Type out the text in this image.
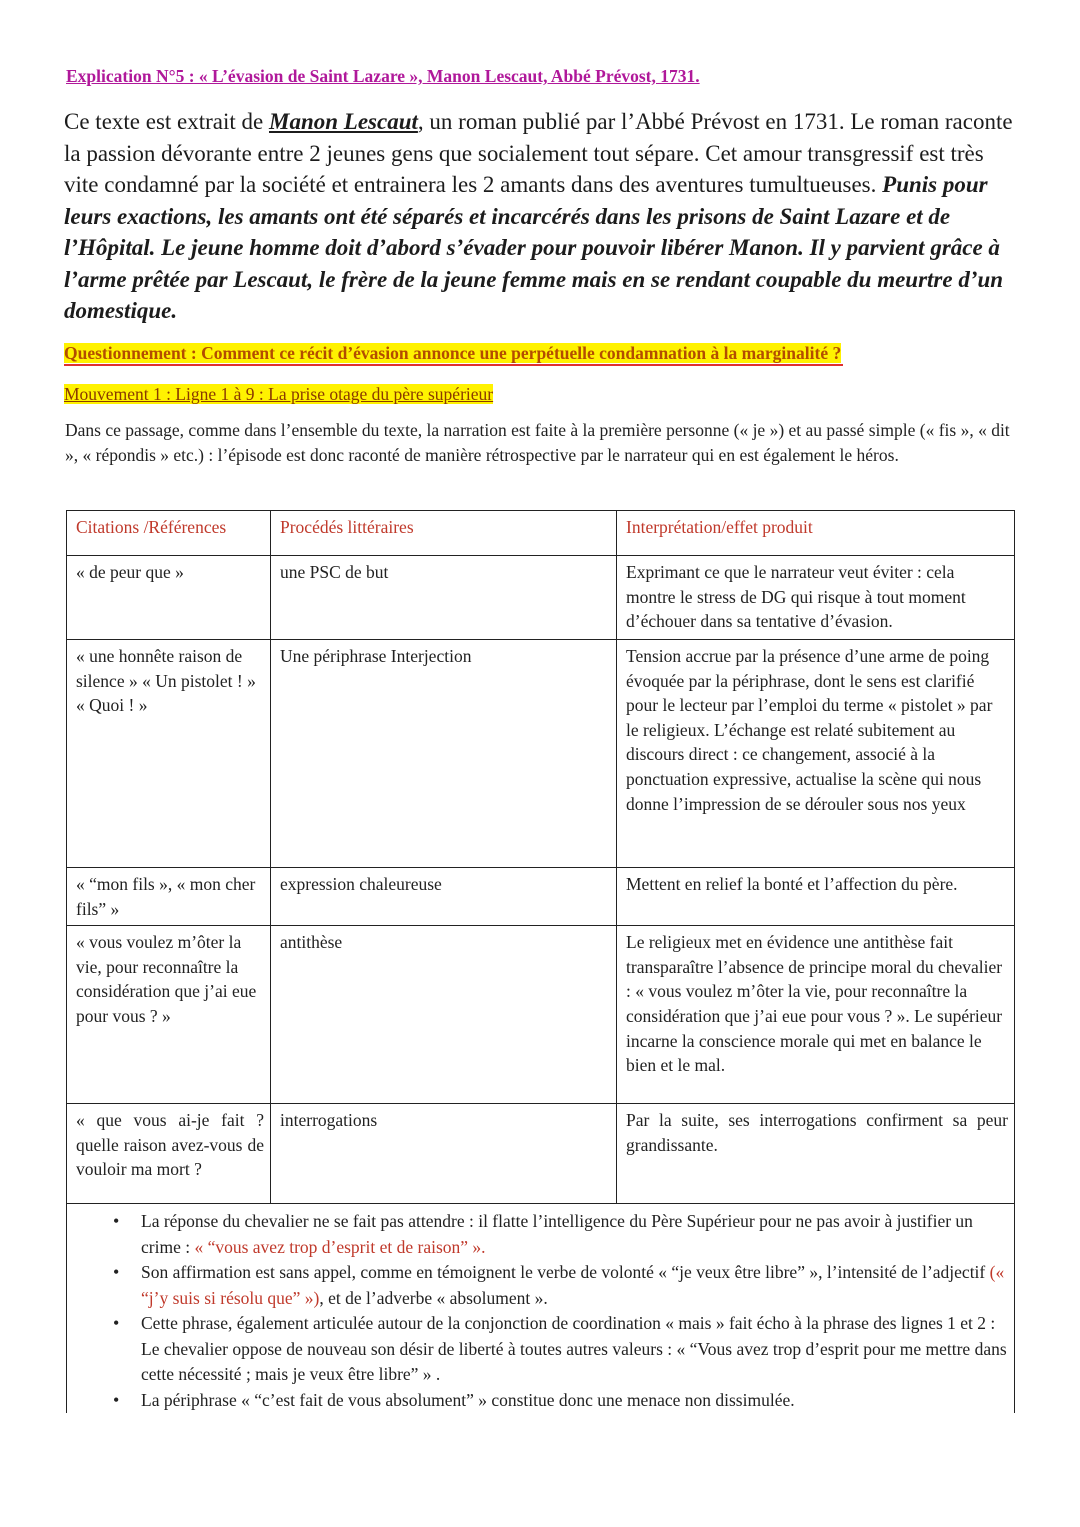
Explication N°5 : « L’évasion de Saint Lazare », Manon Lescaut, Abbé Prévost, 1731.
Ce texte est extrait de Manon Lescaut, un roman publié par l’Abbé Prévost en 1731. Le roman raconte la passion dévorante entre 2 jeunes gens que socialement tout sépare. Cet amour transgressif est très vite condamné par la société et entrainera les 2 amants dans des aventures tumultueuses. Punis pour leurs exactions, les amants ont été séparés et incarcérés dans les prisons de Saint Lazare et de l’Hôpital. Le jeune homme doit d’abord s’évader pour pouvoir libérer Manon. Il y parvient grâce à l’arme prêtée par Lescaut, le frère de la jeune femme mais en se rendant coupable du meurtre d’un domestique.
Questionnement : Comment ce récit d’évasion annonce une perpétuelle condamnation à la marginalité ?
Mouvement 1 : Ligne 1 à 9 : La prise otage du père supérieur
Dans ce passage, comme dans l’ensemble du texte, la narration est faite à la première personne (« je ») et au passé simple (« fis », « dit », « répondis » etc.) : l’épisode est donc raconté de manière rétrospective par le narrateur qui en est également le héros.
Citations /Références	Procédés littéraires	Interprétation/effet produit
« de peur que »	une PSC de but	Exprimant ce que le narrateur veut éviter : cela montre le stress de DG qui risque à tout moment d’échouer dans sa tentative d’évasion.
« une honnête raison de silence » « Un pistolet ! » « Quoi ! »	Une périphrase Interjection	Tension accrue par la présence d’une arme de poing évoquée par la périphrase, dont le sens est clarifié pour le lecteur par l’emploi du terme « pistolet » par le religieux. L’échange est relaté subitement au discours direct : ce changement, associé à la ponctuation expressive, actualise la scène qui nous donne l’impression de se dérouler sous nos yeux
« “mon fils », « mon cher fils” »	expression chaleureuse	Mettent en relief la bonté et l’affection du père.
« vous voulez m’ôter la vie, pour reconnaître la considération que j’ai eue pour vous ? »	antithèse	Le religieux met en évidence une antithèse fait transparaître l’absence de principe moral du chevalier : « vous voulez m’ôter la vie, pour reconnaître la considération que j’ai eue pour vous ? ». Le supérieur incarne la conscience morale qui met en balance le bien et le mal.
« que vous ai-je fait ? quelle raison avez-vous de vouloir ma mort ?	interrogations	Par la suite, ses interrogations confirment sa peur grandissante.
• La réponse du chevalier ne se fait pas attendre : il flatte l’intelligence du Père Supérieur pour ne pas avoir à justifier un crime : « “vous avez trop d’esprit et de raison” ».
• Son affirmation est sans appel, comme en témoignent le verbe de volonté « “je veux être libre” », l’intensité de l’adjectif (« “j’y suis si résolu que” »), et de l’adverbe « absolument ».
• Cette phrase, également articulée autour de la conjonction de coordination « mais » fait écho à la phrase des lignes 1 et 2 : Le chevalier oppose de nouveau son désir de liberté à toutes autres valeurs : « “Vous avez trop d’esprit pour me mettre dans cette nécessité ; mais je veux être libre” » .
• La périphrase « “c’est fait de vous absolument” » constitue donc une menace non dissimulée.
